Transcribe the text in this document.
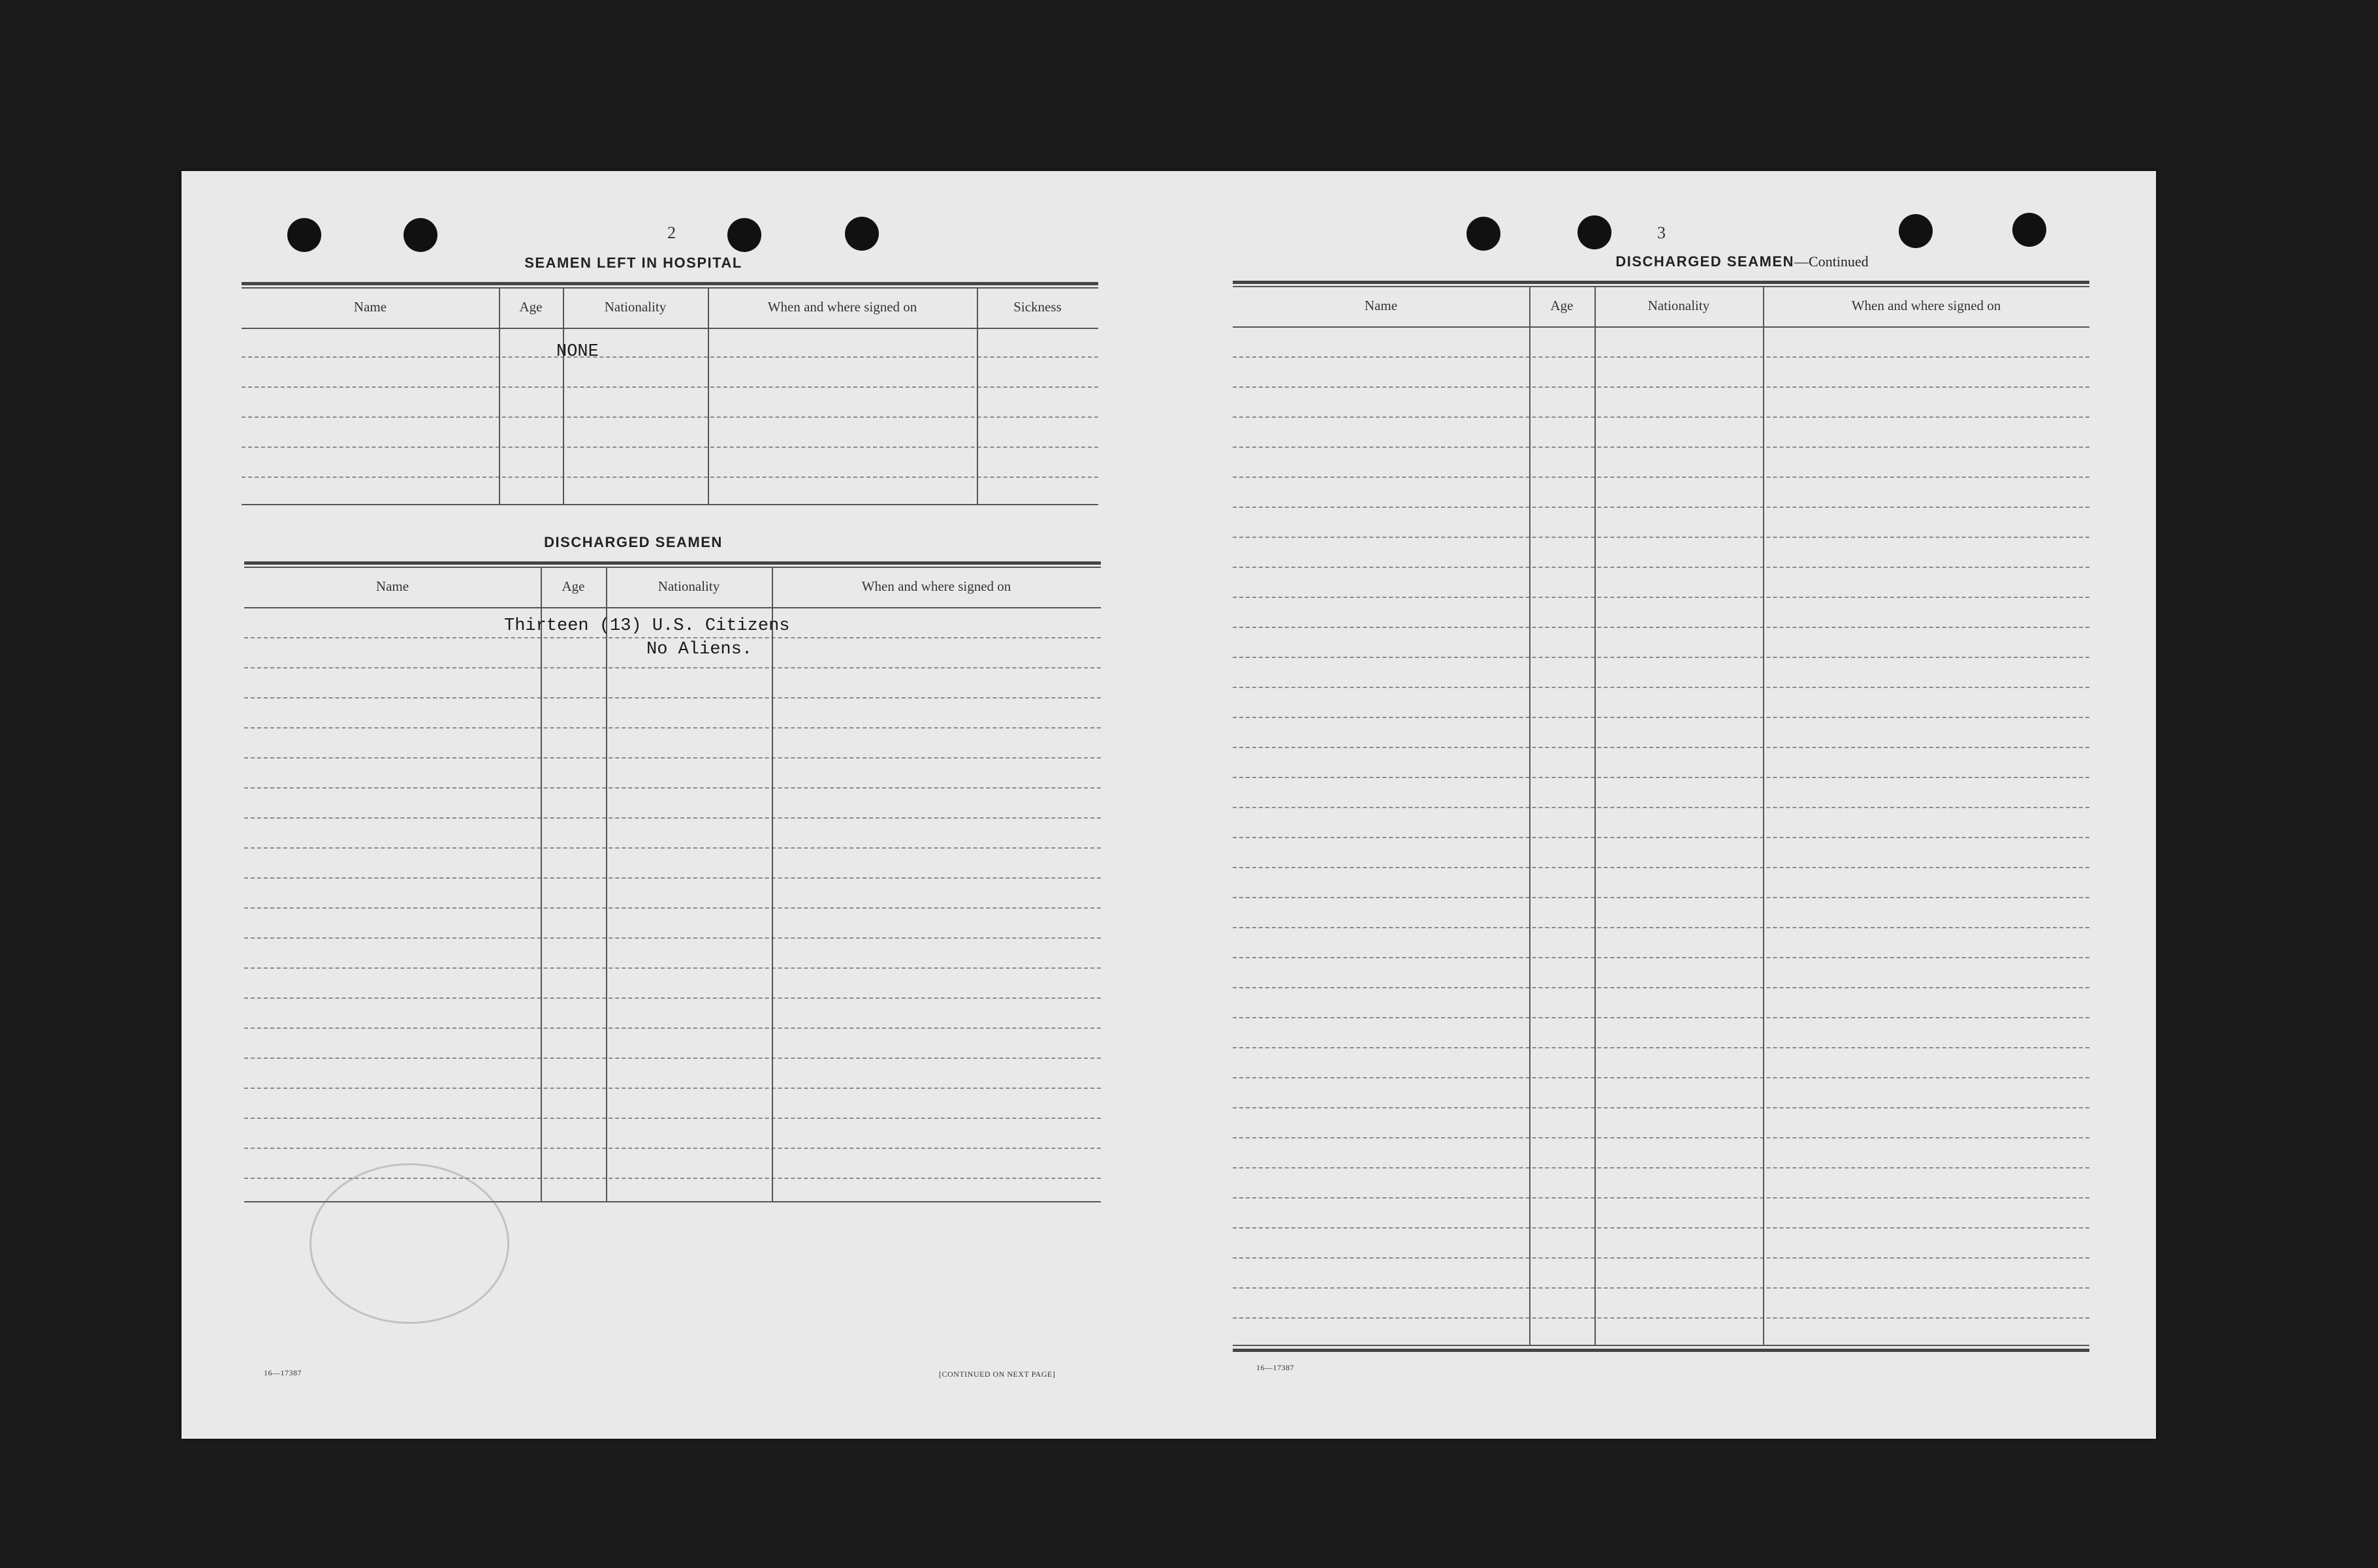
2
SEAMEN LEFT IN HOSPITAL
Name	Age	Nationality	When and where signed on	Sickness
NONE
DISCHARGED SEAMEN
Name	Age	Nationality	When and where signed on
Thirteen (13) U.S. Citizens
No Aliens.
16—17387	[CONTINUED ON NEXT PAGE]
3
DISCHARGED SEAMEN—Continued
Name	Age	Nationality	When and where signed on
16—17387
